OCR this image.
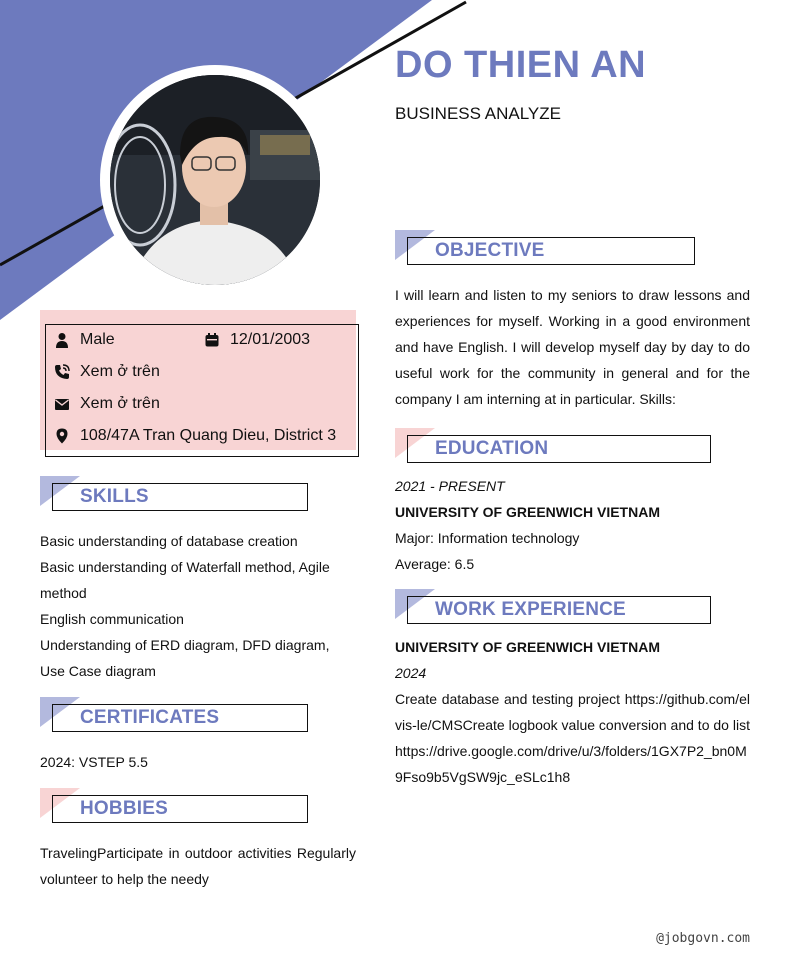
DO THIEN AN
BUSINESS ANALYZE
Male	12/01/2003
Xem ở trên
Xem ở trên
108/47A Tran Quang Dieu, District 3
SKILLS
Basic understanding of database creation
Basic understanding of Waterfall method, Agile method
English communication
Understanding of ERD diagram, DFD diagram, Use Case diagram
CERTIFICATES
2024: VSTEP 5.5
HOBBIES
TravelingParticipate in outdoor activities Regularly volunteer to help the needy
OBJECTIVE
I will learn and listen to my seniors to draw lessons and experiences for myself. Working in a good environment and have English. I will develop myself day by day to do useful work for the community in general and for the company I am interning at in particular. Skills:
EDUCATION
2021 - PRESENT
UNIVERSITY OF GREENWICH VIETNAM
Major: Information technology
Average: 6.5
WORK EXPERIENCE
UNIVERSITY OF GREENWICH VIETNAM
2024
Create database and testing project https://github.com/elvis-le/CMSCreate logbook value conversion and to do listhttps://drive.google.com/drive/u/3/folders/1GX7P2_bn0M9Fso9b5VgSW9jc_eSLc1h8
@jobgovn.com
